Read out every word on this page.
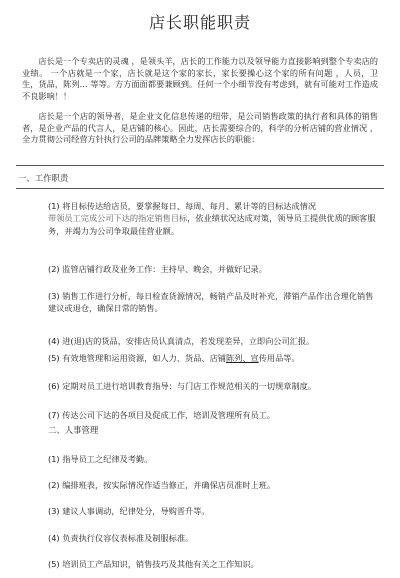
店长职能职责

店长是一个专卖店的灵魂 ，是领头羊，店长的工作能力以及领导能力直接影响到整个专卖店的业绩。 一个店就是一个家，店长就是这个家的家长，家长要操心这个家的所有问题 ，人员，卫生，货品，陈列… 等等。方方面面都要兼顾到。任何一个小细节没有考虑到，就有可能对工作造成不良影响！！

店长是一个店的领导者，是企业文化信息传递的纽带，是公司销售政策的执行者和具体的销售者，是企业产品的代言人，是店铺的核心。因此，店长需要综合的，科学的分析店铺的营业情况 ，全力贯彻公司经营方针执行公司的品牌策略全力发挥店长的职能：

一、工作职责

(1) 将目标传达给店员，要掌握每日、每周、每月、累计等的目标达成情况
带领员工完成公司下达的指定销售目标，依业绩状况达成对策，领导员工提供优质的顾客服务，并竭力为公司争取最佳营业额。

(2) 监管店铺行政及业务工作：主持早、晚会，并做好记录。

(3) 销售工作进行分析，每日检查货源情况，畅销产品及时补充，滞销产品作出合理化销售建议或退仓，确保日常的销售。

(4) 进(退)店的货品，安排店员认真清点，若发现差异，立即向公司汇报。

(5) 有效地管理和运用资源，如人力、货品、店铺陈列、宣传用品等。

(6) 定期对员工进行培训教育指导：与门店工作规范相关的一切规章制度。

(7) 传达公司下达的各项目及促成工作，培训及管理所有员工。

二、人事管理

(1) 指导员工之纪律及考勤。

(2) 编排班表，按实际情况作适当修正，并确保店员准时上班。

(3) 建议人事调动，纪律处分，导购晋升等。

(4) 负责执行仪容仪表标准及制服标准。

(5) 培训员工产品知识，销售技巧及其他有关之工作知识。
